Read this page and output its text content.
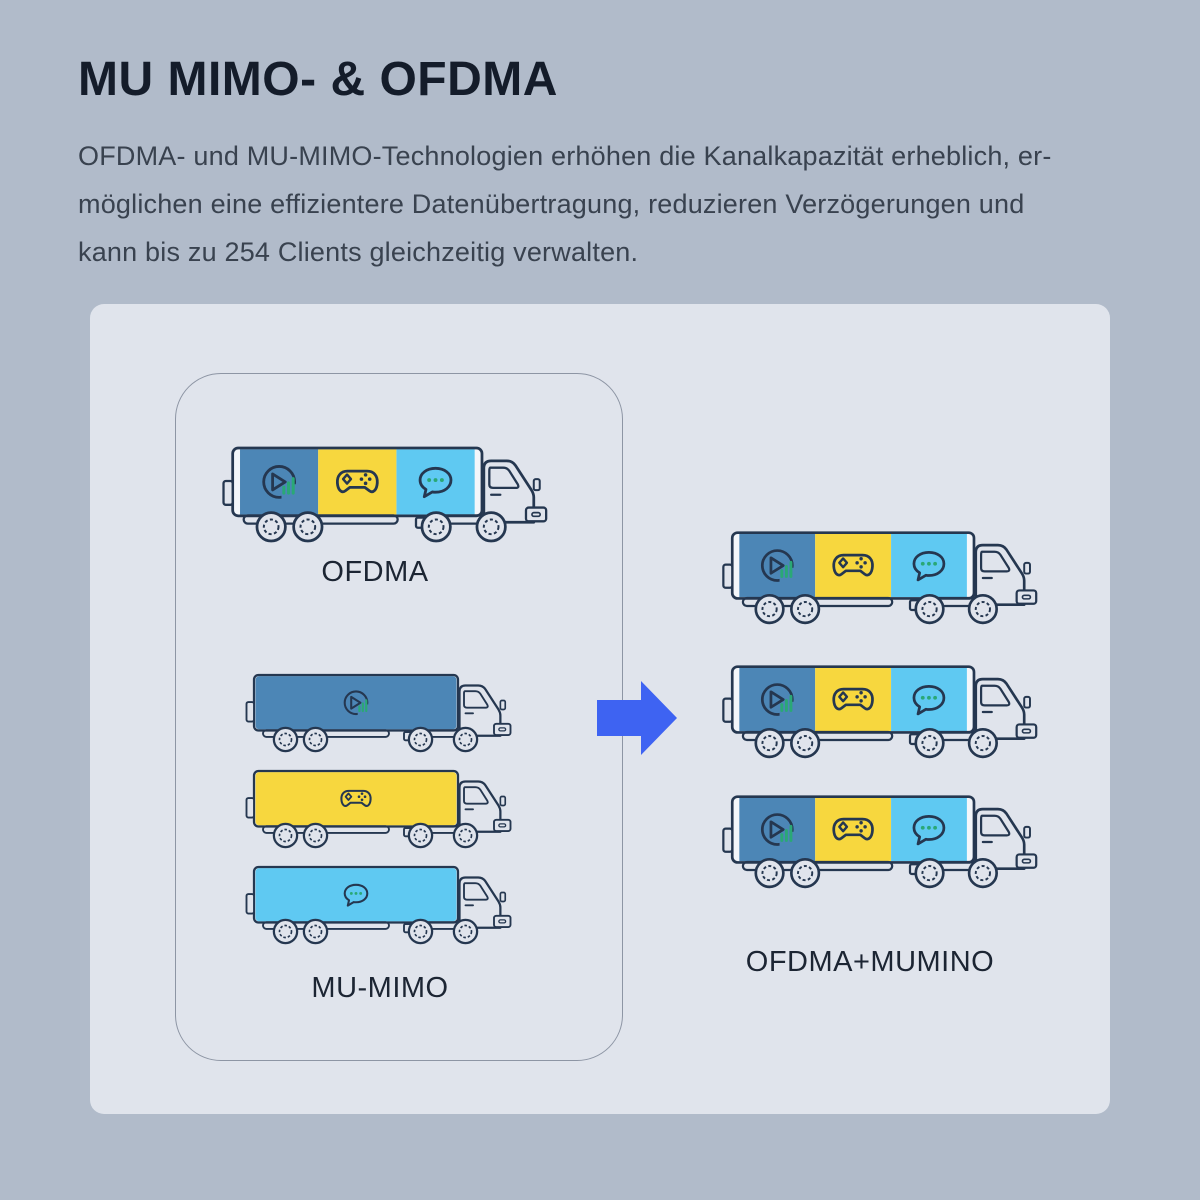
MU MIMO- & OFDMA
OFDMA- und MU-MIMO-Technologien erhöhen die Kanalkapazität erheblich, er-
möglichen eine effizientere Datenübertragung, reduzieren Verzögerungen und
kann bis zu 254 Clients gleichzeitig verwalten.
OFDMA
MU-MIMO
OFDMA+MUMINO
